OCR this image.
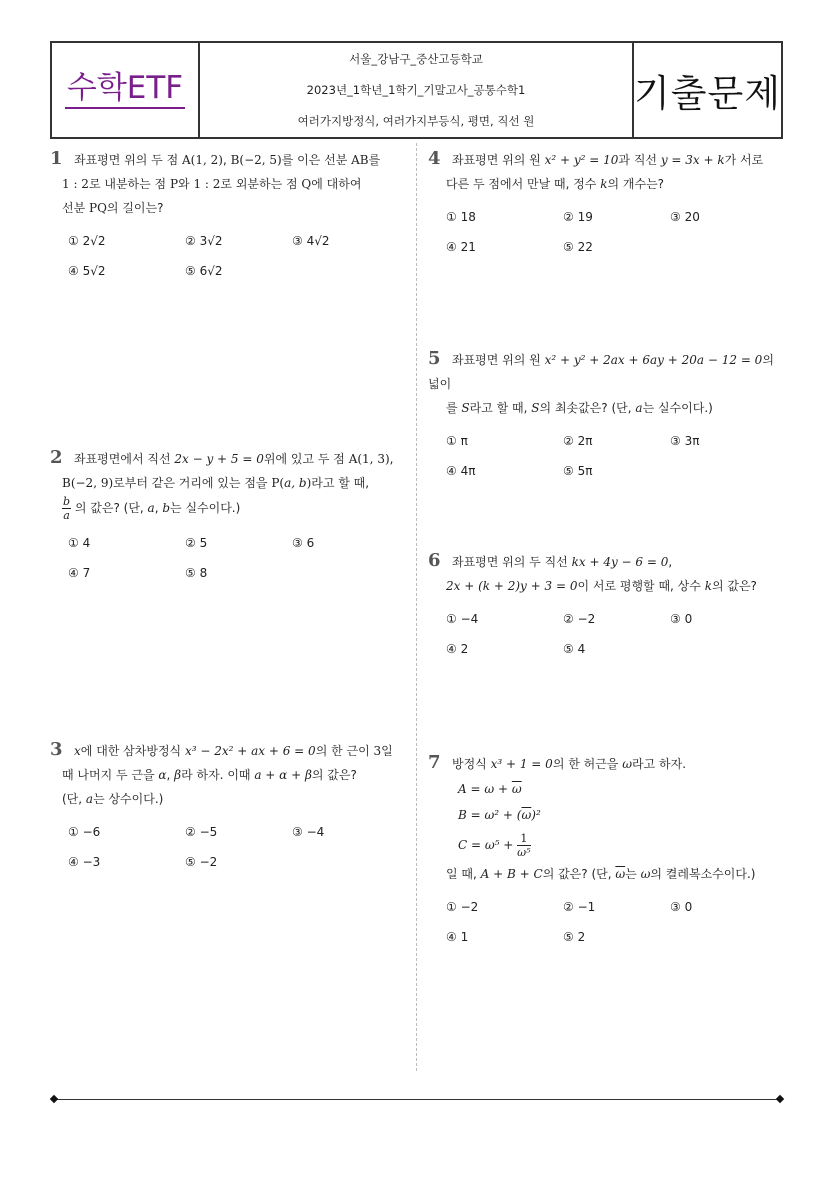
수학ETF
서울_강남구_중산고등학교
2023년_1학년_1학기_기말고사_공통수학1
여러가지방정식, 여러가지부등식, 평면, 직선 원
기출문제
1 좌표평면 위의 두 점 A(1, 2), B(−2, 5)를 이은 선분 AB를
1 : 2로 내분하는 점 P와 1 : 2로 외분하는 점 Q에 대하여
선분 PQ의 길이는?
① 2√2	② 3√2	③ 4√2
④ 5√2	⑤ 6√2
2 좌표평면에서 직선 2x − y + 5 = 0위에 있고 두 점 A(1, 3),
B(−2, 9)로부터 같은 거리에 있는 점을 P(a, b)라고 할 때,

$\frac{b}{a}$ 의 값은? (단, a, b는 실수이다.)
① 4	② 5	③ 6
④ 7	⑤ 8
3 x에 대한 삼차방정식 x³ − 2x² + ax + 6 = 0의 한 근이 3일
때 나머지 두 근을 α, β라 하자. 이때 a + α + β의 값은?
(단, a는 상수이다.)
① −6	② −5	③ −4
④ −3	⑤ −2
4 좌표평면 위의 원 x² + y² = 10과 직선 y = 3x + k가 서로
다른 두 점에서 만날 때, 정수 k의 개수는?
① 18	② 19	③ 20
④ 21	⑤ 22
5 좌표평면 위의 원 x² + y² + 2ax + 6ay + 20a − 12 = 0의 넓이
를 S라고 할 때, S의 최솟값은? (단, a는 실수이다.)
① π	② 2π	③ 3π
④ 4π	⑤ 5π
6 좌표평면 위의 두 직선 kx + 4y − 6 = 0,
2x + (k + 2)y + 3 = 0이 서로 평행할 때, 상수 k의 값은?
① −4	② −2	③ 0
④ 2	⑤ 4
7 방정식 x³ + 1 = 0의 한 허근을 ω라고 하자.
$A = \omega + \overline{\omega}$
$B = \omega^2 + (\overline{\omega})^2$
$C = \omega^5 + \frac{1}{\text{ω⁵}}$
일 때, A + B + C의 값은? (단, $\overline{\omega}$는 ω의 켤레복소수이다.)
① −2	② −1	③ 0
④ 1	⑤ 2
